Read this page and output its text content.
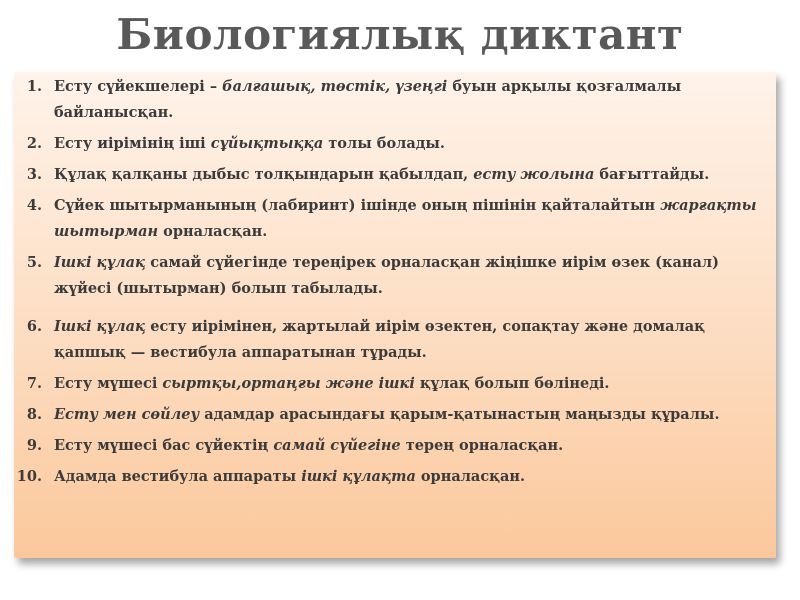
Биологиялық диктант
1. Есту сүйекшелері – балғашық, төстік, үзеңгі буын арқылы қозғалмалы байланысқан.
2. Есту иірімінің іші сұйықтыққа толы болады.
3. Құлақ қалқаны дыбыс толқындарын қабылдап, есту жолына бағыттайды.
4. Сүйек шытырманының (лабиринт) ішінде оның пішінін қайталайтын жарғақты шытырман орналасқан.
5. Ішкі құлақ самай сүйегінде тереңірек орналасқан жіңішке иірім өзек (канал) жүйесі (шытырман) болып табылады.
6. Ішкі құлақ есту иірімінен, жартылай иірім өзектен, сопақтау және домалақ қапшық — вестибула аппаратынан тұрады.
7. Есту мүшесі сыртқы,ортаңғы және ішкі құлақ болып бөлінеді.
8. Есту мен сөйлеу адамдар арасындағы қарым-қатынастың маңызды құралы.
9. Есту мүшесі бас сүйектің самай сүйегіне терең орналасқан.
10. Адамда вестибула аппараты ішкі құлақта орналасқан.
